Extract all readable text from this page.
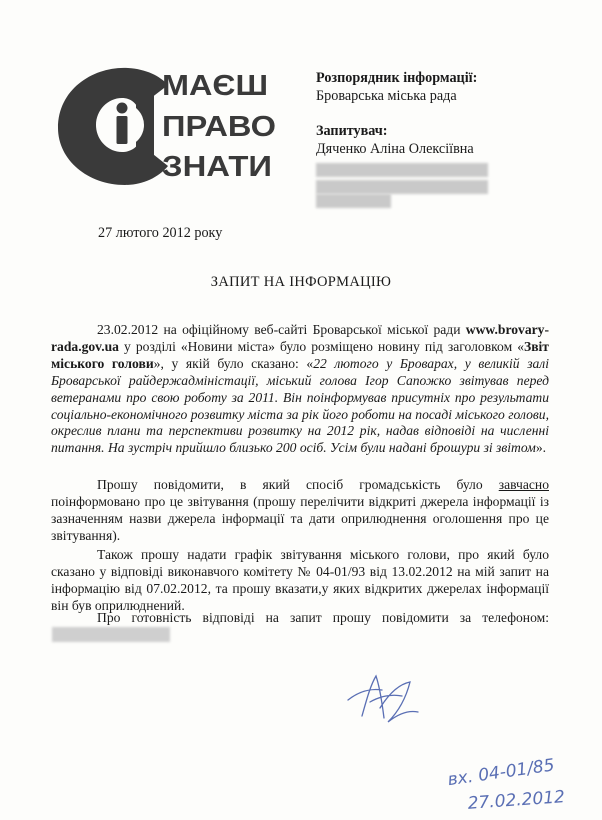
МАЄШ
ПРАВО
ЗНАТИ
Розпорядник інформації:
Броварська міська рада
Запитувач:
Дяченко Аліна Олексіївна
27 лютого 2012 року
ЗАПИТ НА ІНФОРМАЦІЮ

23.02.2012 на офіційному веб-сайті Броварської міської ради www.brovary-rada.gov.ua у розділі «Новини міста» було розміщено новину під заголовком «Звіт міського голови», у якій було сказано: «22 лютого у Броварах, у великій залі Броварської райдержадміністації, міський голова Ігор Сапожко звітував перед ветеранами про свою роботу за 2011. Він поінформував присутніх про результати соціально-економічного розвитку міста за рік його роботи на посаді міського голови, окреслив плани та перспективи розвитку на 2012 рік, надав відповіді на численні питання. На зустріч прийшло близько 200 осіб. Усім були надані брошури зі звітом».

Прошу повідомити, в який спосіб громадськість було завчасно поінформовано про це звітування (прошу перелічити відкриті джерела інформації із зазначенням назви джерела інформації та дати оприлюднення оголошення про це звітування).

Також прошу надати графік звітування міського голови, про який було сказано у відповіді виконавчого комітету № 04-01/93 від 13.02.2012 на мій запит на інформацію від 07.02.2012, та прошу вказати,у яких відкритих джерелах інформації він був оприлюднений.

Про готовність відповіді на запит прошу повідомити за телефоном:

вх. 04-01/85
27.02.2012
